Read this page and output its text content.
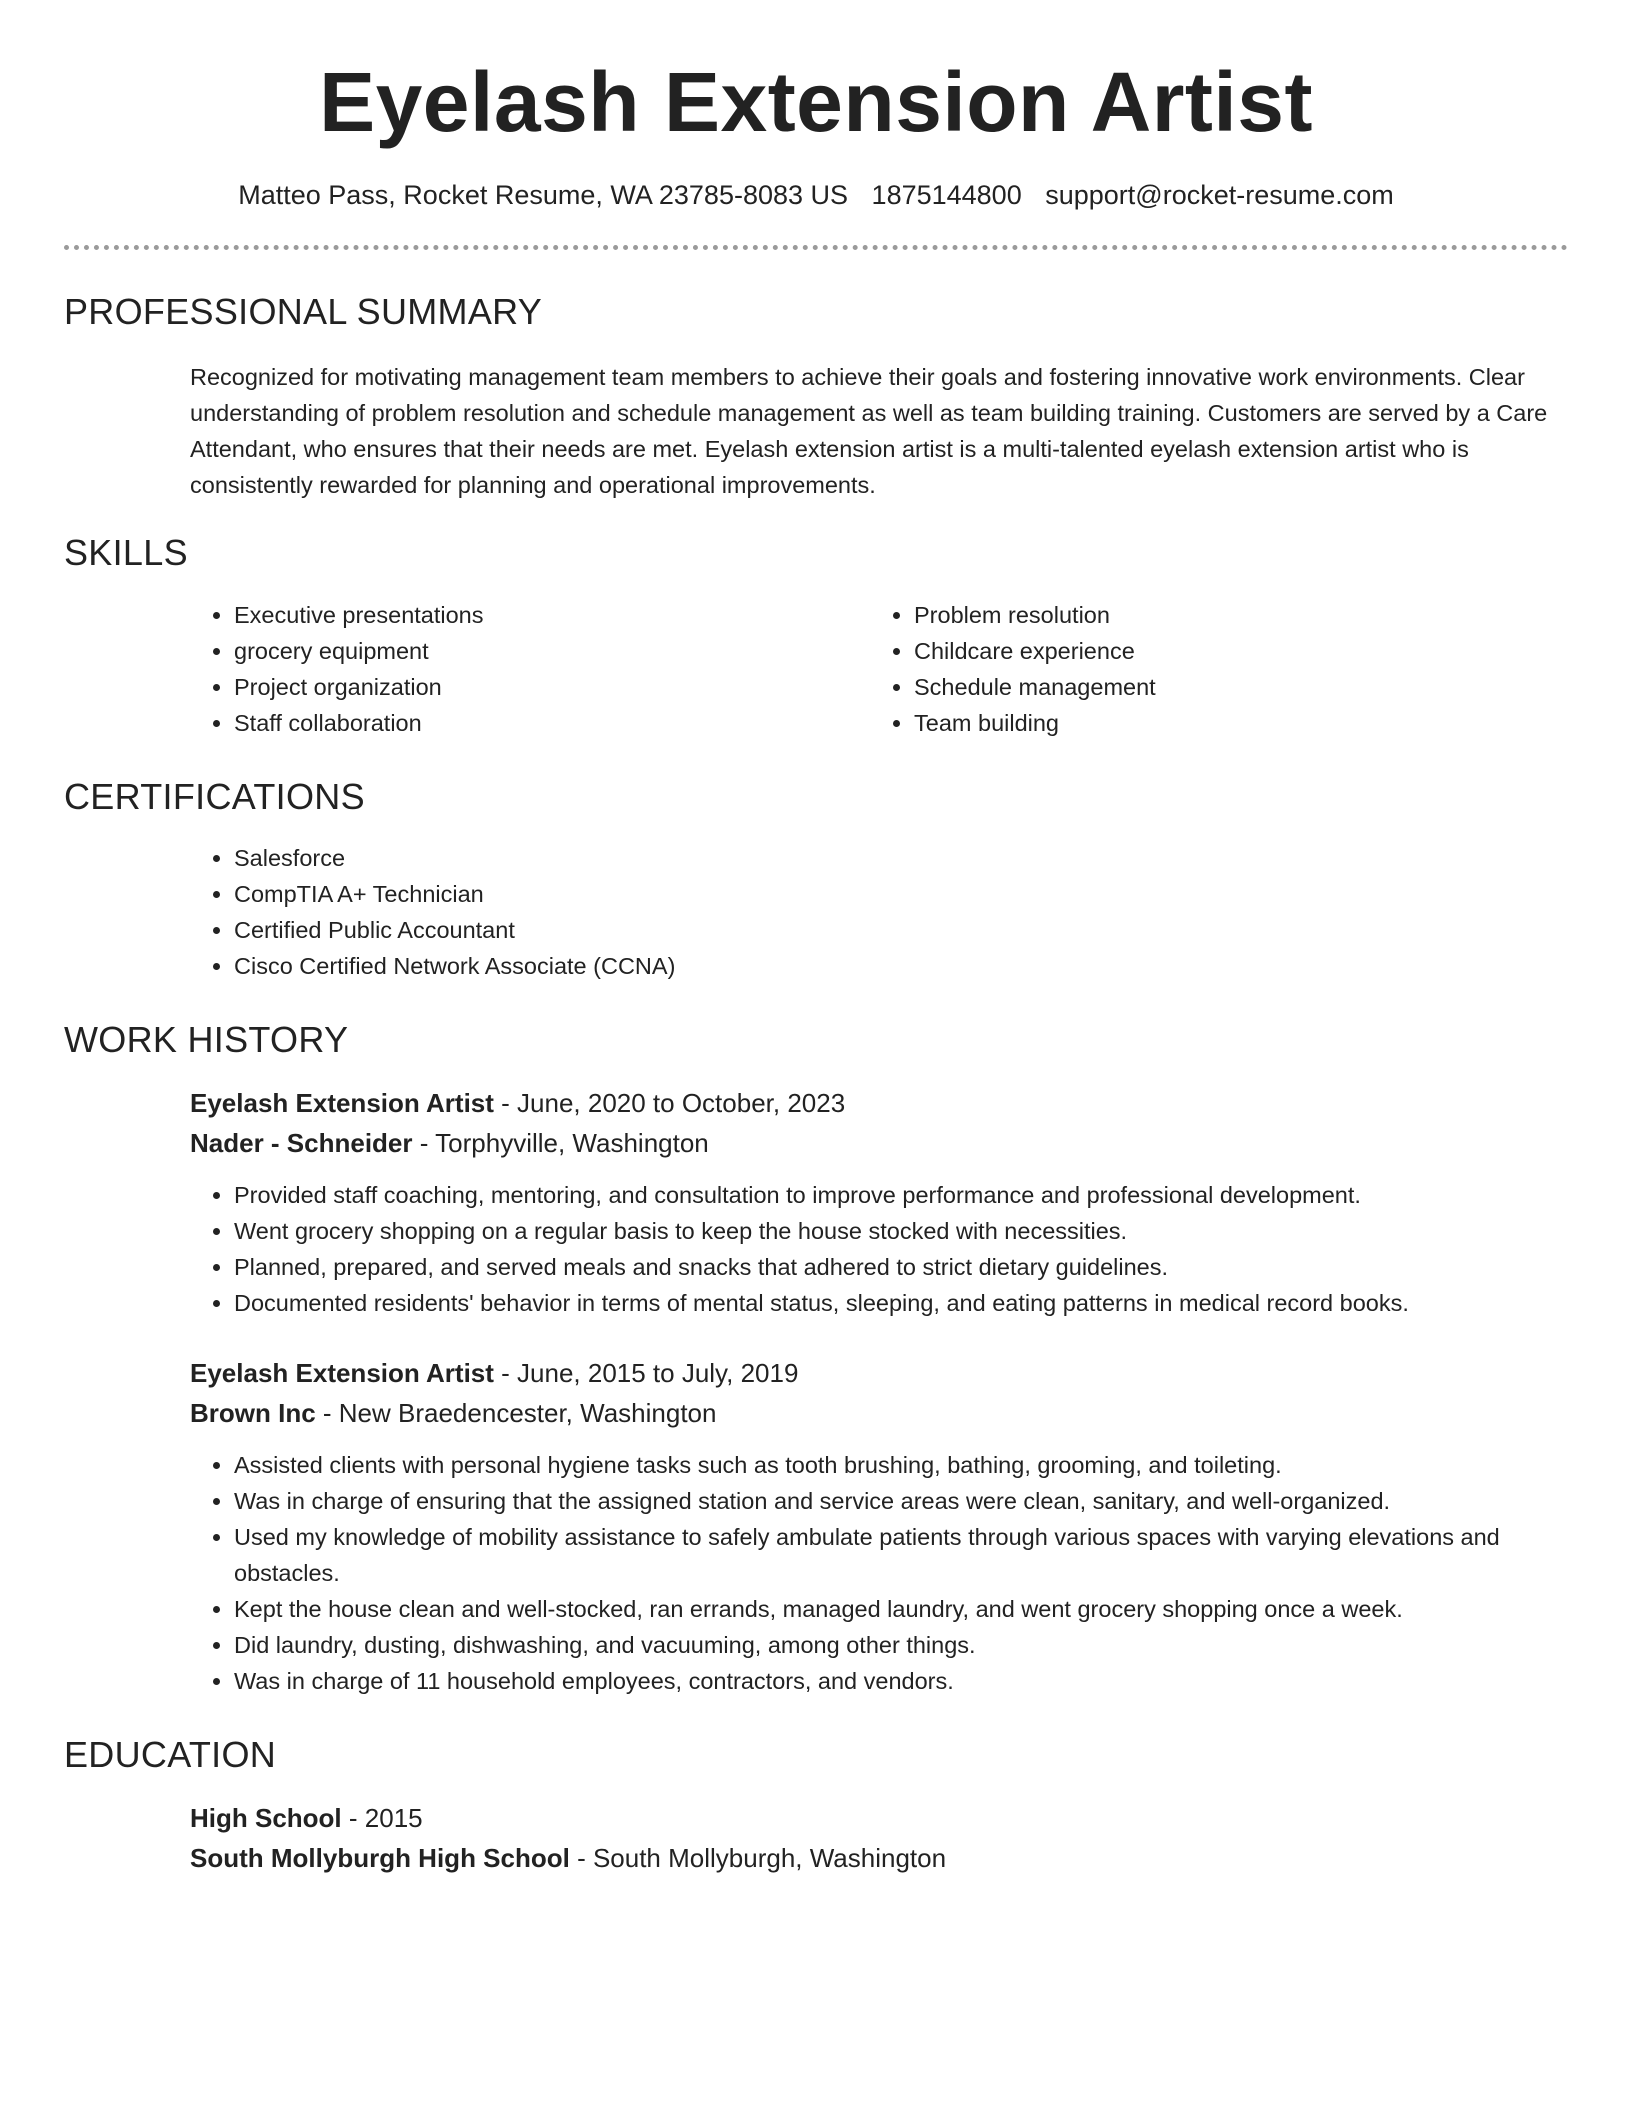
Eyelash Extension Artist
Matteo Pass, Rocket Resume, WA 23785-8083 US 1875144800 support@rocket-resume.com
PROFESSIONAL SUMMARY

Recognized for motivating management team members to achieve their goals and fostering innovative work environments. Clear understanding of problem resolution and schedule management as well as team building training. Customers are served by a Care Attendant, who ensures that their needs are met. Eyelash extension artist is a multi-talented eyelash extension artist who is consistently rewarded for planning and operational improvements.

SKILLS
• Executive presentations
• grocery equipment
• Project organization
• Staff collaboration
• Problem resolution
• Childcare experience
• Schedule management
• Team building
CERTIFICATIONS
• Salesforce
• CompTIA A+ Technician
• Certified Public Accountant
• Cisco Certified Network Associate (CCNA)
WORK HISTORY
Eyelash Extension Artist - June, 2020 to October, 2023
Nader - Schneider - Torphyville, Washington
• Provided staff coaching, mentoring, and consultation to improve performance and professional development.
• Went grocery shopping on a regular basis to keep the house stocked with necessities.
• Planned, prepared, and served meals and snacks that adhered to strict dietary guidelines.
• Documented residents' behavior in terms of mental status, sleeping, and eating patterns in medical record books.
Eyelash Extension Artist - June, 2015 to July, 2019
Brown Inc - New Braedencester, Washington
• Assisted clients with personal hygiene tasks such as tooth brushing, bathing, grooming, and toileting.
• Was in charge of ensuring that the assigned station and service areas were clean, sanitary, and well-organized.
• Used my knowledge of mobility assistance to safely ambulate patients through various spaces with varying elevations and obstacles.
• Kept the house clean and well-stocked, ran errands, managed laundry, and went grocery shopping once a week.
• Did laundry, dusting, dishwashing, and vacuuming, among other things.
• Was in charge of 11 household employees, contractors, and vendors.
EDUCATION
High School - 2015
South Mollyburgh High School - South Mollyburgh, Washington
